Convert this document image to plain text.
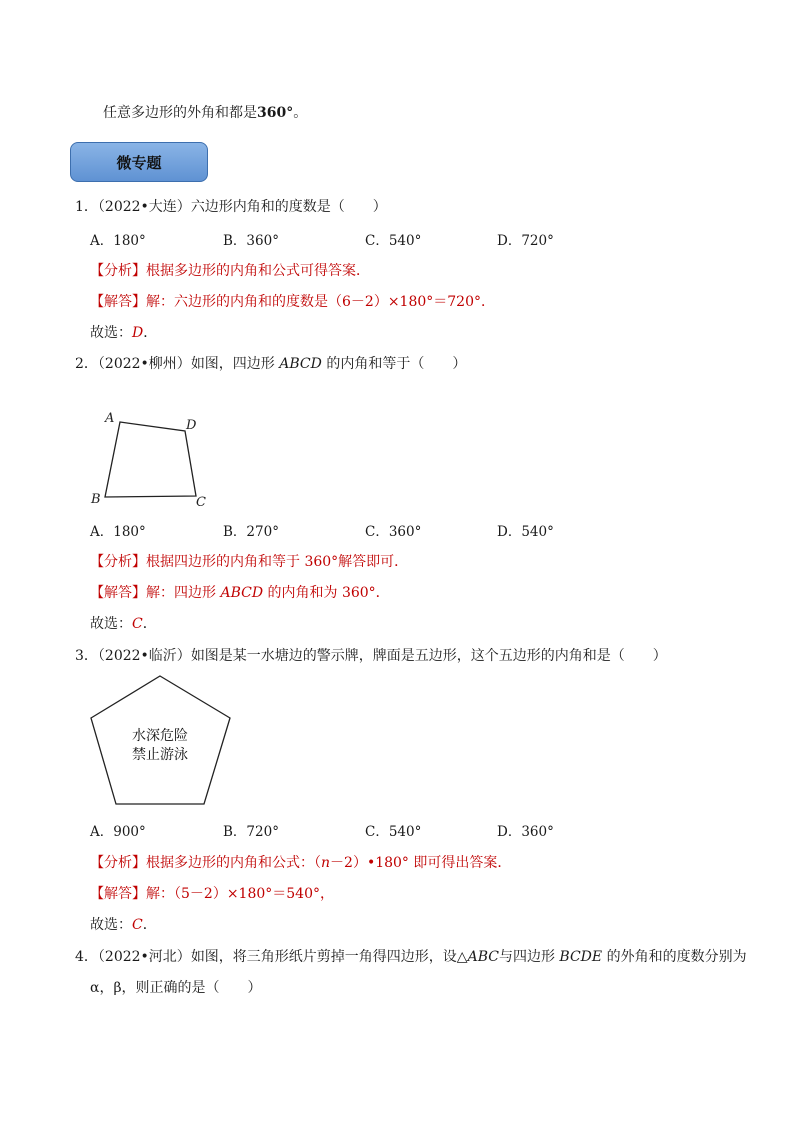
任意多边形的外角和都是360°。
微专题
1．（2022•大连）六边形内角和的度数是（　　）
A．180°	B．360°	C．540°	D．720°
【分析】根据多边形的内角和公式可得答案．
【解答】解：六边形的内角和的度数是（6－2）×180°＝720°．
故选：D．
2．（2022•柳州）如图，四边形 ABCD 的内角和等于（　　）
A	D
B	C
A．180°	B．270°	C．360°	D．540°
【分析】根据四边形的内角和等于 360°解答即可．
【解答】解：四边形 ABCD 的内角和为 360°．
故选：C．
3．（2022•临沂）如图是某一水塘边的警示牌，牌面是五边形，这个五边形的内角和是（　　）
水深危险
禁止游泳
A．900°	B．720°	C．540°	D．360°
【分析】根据多边形的内角和公式：（n－2）•180° 即可得出答案．
【解答】解：（5－2）×180°＝540°，
故选：C．
4．（2022•河北）如图，将三角形纸片剪掉一角得四边形，设△ABC与四边形 BCDE 的外角和的度数分别为
α，β，则正确的是（　　）
